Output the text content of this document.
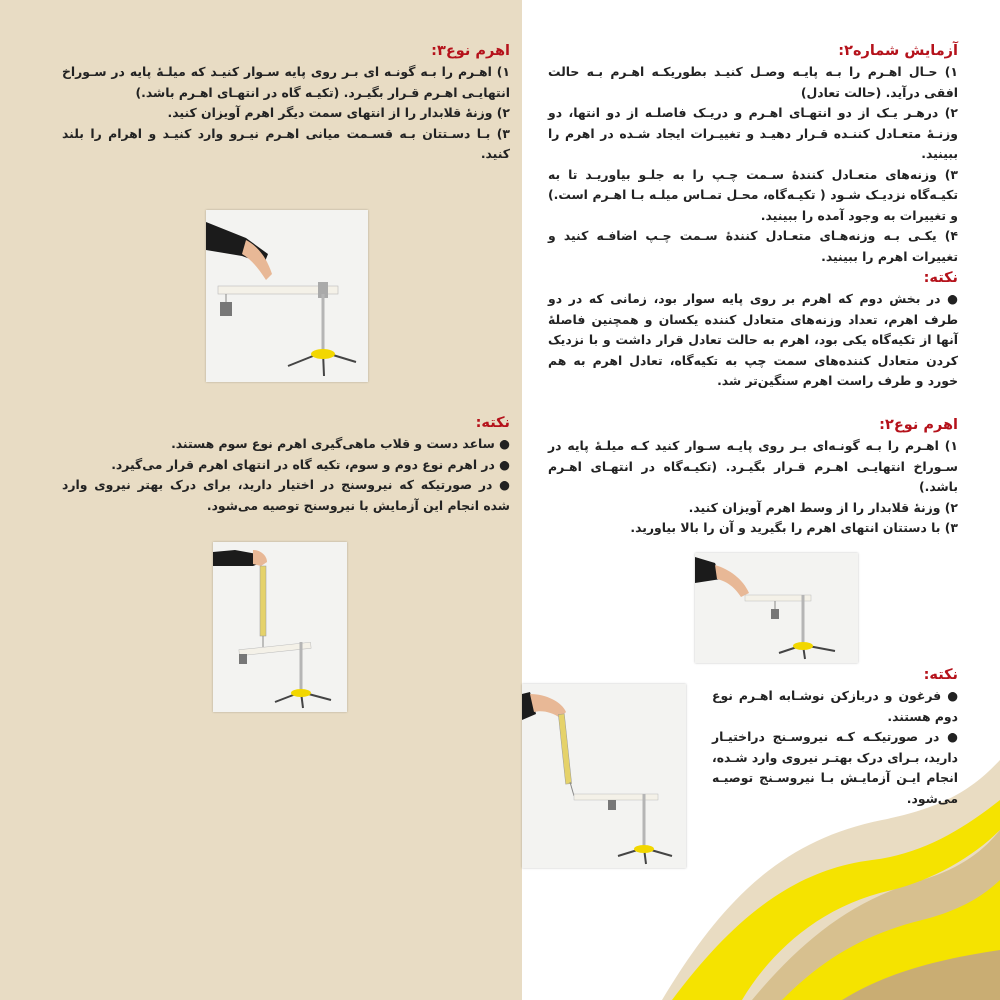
اهرم نوع۳:

۱) اهـرم را بـه گونـه ای بـر روی پایه سـوار کنیـد که میلـهٔ پایه در سـوراخ انتهایـی اهـرم قـرار بگیـرد. (تکیـه گاه در انتهـای اهـرم باشد.)

۲) وزنهٔ قلابدار را از انتهای سمت دیگر اهرم آویزان کنید.

۳) بـا دسـتتان بـه قسـمت میانی اهـرم نیـرو وارد کنیـد و اهرام را بلند کنید.

نکته:

● ساعد دست و قلاب ماهی‌گیری اهرم نوع سوم هستند.
● در اهرم نوع دوم و سوم، تکیه گاه در انتهای اهرم قرار می‌گیرد.
● در صورتیکه که نیروسنج در اختیار دارید، برای درک بهتر نیروی وارد شده انجام این آزمایش با نیروسنج توصیه می‌شود.

آزمایش شماره۲:

۱) حـال اهـرم را بـه پایـه وصـل کنیـد بطوریکـه اهـرم بـه حالت افقی درآید. (حالت تعادل)

۲) درهـر یـک از دو انتهـای اهـرم و دریـک فاصلـه از دو انتها، دو وزنـهٔ متعـادل کننـده قـرار دهیـد و تغییـرات ایجاد شـده در اهرم را ببینید.

۳) وزنه‌های متعـادل کنندهٔ سـمت چـپ را به جلـو بیاوریـد تا به تکیـه‌گاه نزدیـک شـود ( تکیـه‌گاه، محـل تمـاس میلـه بـا اهـرم است.) و تغییرات به وجود آمده را ببینید.

۴) یکـی بـه وزنه‌هـای متعـادل کنندهٔ سـمت چـپ اضافـه کنید و تغییرات اهرم را ببینید.

نکته:

● در بخش دوم که اهرم بر روی پایه سوار بود، زمانی که در دو طرف اهرم، تعداد وزنه‌های متعادل کننده یکسان و همچنین فاصلهٔ آنها از تکیه‌گاه یکی بود، اهرم به حالت تعادل قرار داشت و با نزدیک کردن متعادل کننده‌های سمت چپ به تکیه‌گاه، تعادل اهرم به هم خورد و طرف راست اهرم سنگین‌تر شد.

اهرم نوع۲:

۱) اهـرم را بـه گونـه‌ای بـر روی پایـه سـوار کنید کـه میلـهٔ پایه در سـوراخ انتهایـی اهـرم قـرار بگیـرد. (تکیـه‌گاه در انتهـای اهـرم باشد.)

۲) وزنهٔ قلابدار را از وسط اهرم آویزان کنید.

۳) با دستتان انتهای اهرم را بگیرید و آن را بالا بیاورید.

نکته:

● فرغون و دربازکن نوشـابه اهـرم نوع دوم هستند.
● در صورتیکـه کـه نیروسـنج دراختیـار دارید، بـرای درک بهتـر نیروی وارد شـده، انجام ایـن آزمایـش بـا نیروسـنج توصیـه می‌شود.
